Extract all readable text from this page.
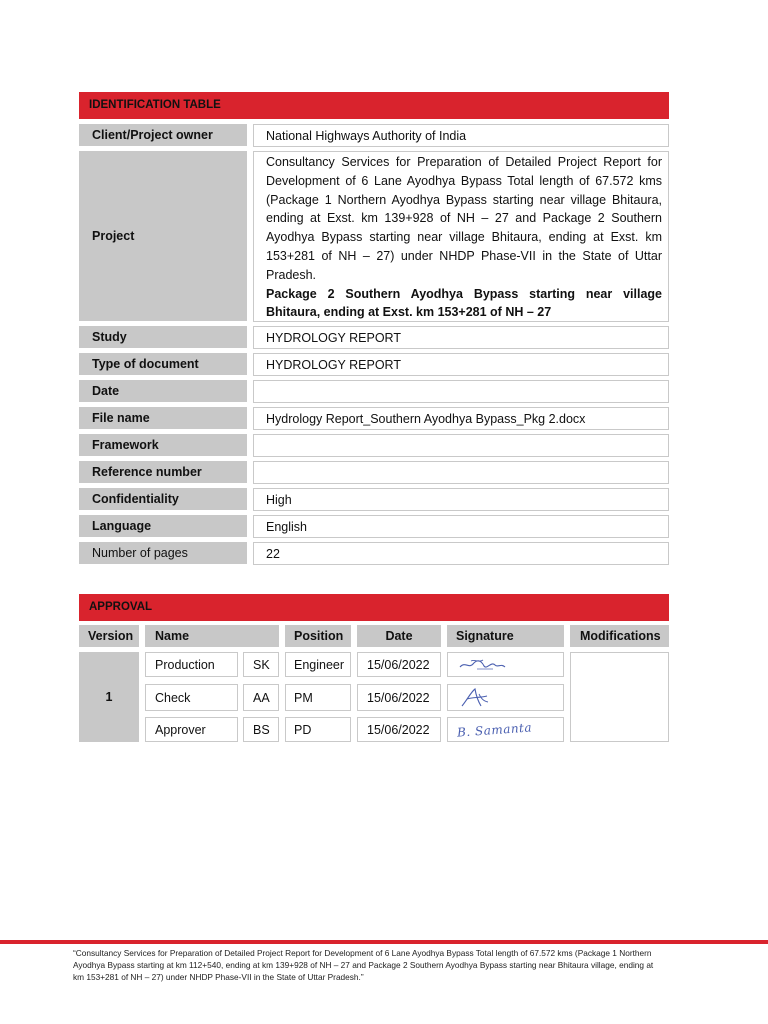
IDENTIFICATION TABLE
Client/Project owner	National Highways Authority of India
Project

Consultancy Services for Preparation of Detailed Project Report for Development of 6 Lane Ayodhya Bypass Total length of 67.572 kms (Package 1 Northern Ayodhya Bypass starting near village Bhitaura, ending at Exst. km 139+928 of NH – 27 and Package 2 Southern Ayodhya Bypass starting near village Bhitaura, ending at Exst. km 153+281 of NH – 27) under NHDP Phase-VII in the State of Uttar Pradesh.

Package 2 Southern Ayodhya Bypass starting near village Bhitaura, ending at Exst. km 153+281 of NH – 27

Study	HYDROLOGY REPORT
Type of document	HYDROLOGY REPORT
Date
File name	Hydrology Report_Southern Ayodhya Bypass_Pkg 2.docx
Framework
Reference number
Confidentiality	High
Language	English
Number of pages	22
APPROVAL
Version	Name	Position	Date	Signature	Modifications
1
Production	SK	Engineer	15/06/2022
Check	AA	PM	15/06/2022
Approver	BS	PD	15/06/2022	B. Samanta
“Consultancy Services for Preparation of Detailed Project Report for Development of 6 Lane Ayodhya Bypass Total length of 67.572 kms (Package 1 Northern Ayodhya Bypass starting at km 112+540, ending at km 139+928 of NH – 27 and Package 2 Southern Ayodhya Bypass starting near Bhitaura village, ending at km 153+281 of NH – 27) under NHDP Phase-VII in the State of Uttar Pradesh.”
